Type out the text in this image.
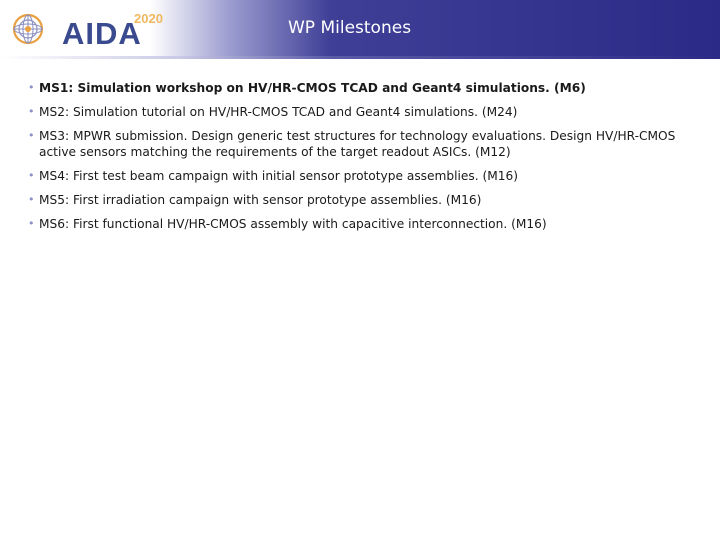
AIDA
2020	WP Milestones
• MS1: Simulation workshop on HV/HR-CMOS TCAD and Geant4 simulations. (M6)
• MS2: Simulation tutorial on HV/HR-CMOS TCAD and Geant4 simulations. (M24)
• MS3: MPWR submission. Design generic test structures for technology evaluations. Design HV/HR-CMOS active sensors matching the requirements of the target readout ASICs. (M12)
• MS4: First test beam campaign with initial sensor prototype assemblies. (M16)
• MS5: First irradiation campaign with sensor prototype assemblies. (M16)
• MS6: First functional HV/HR-CMOS assembly with capacitive interconnection. (M16)
